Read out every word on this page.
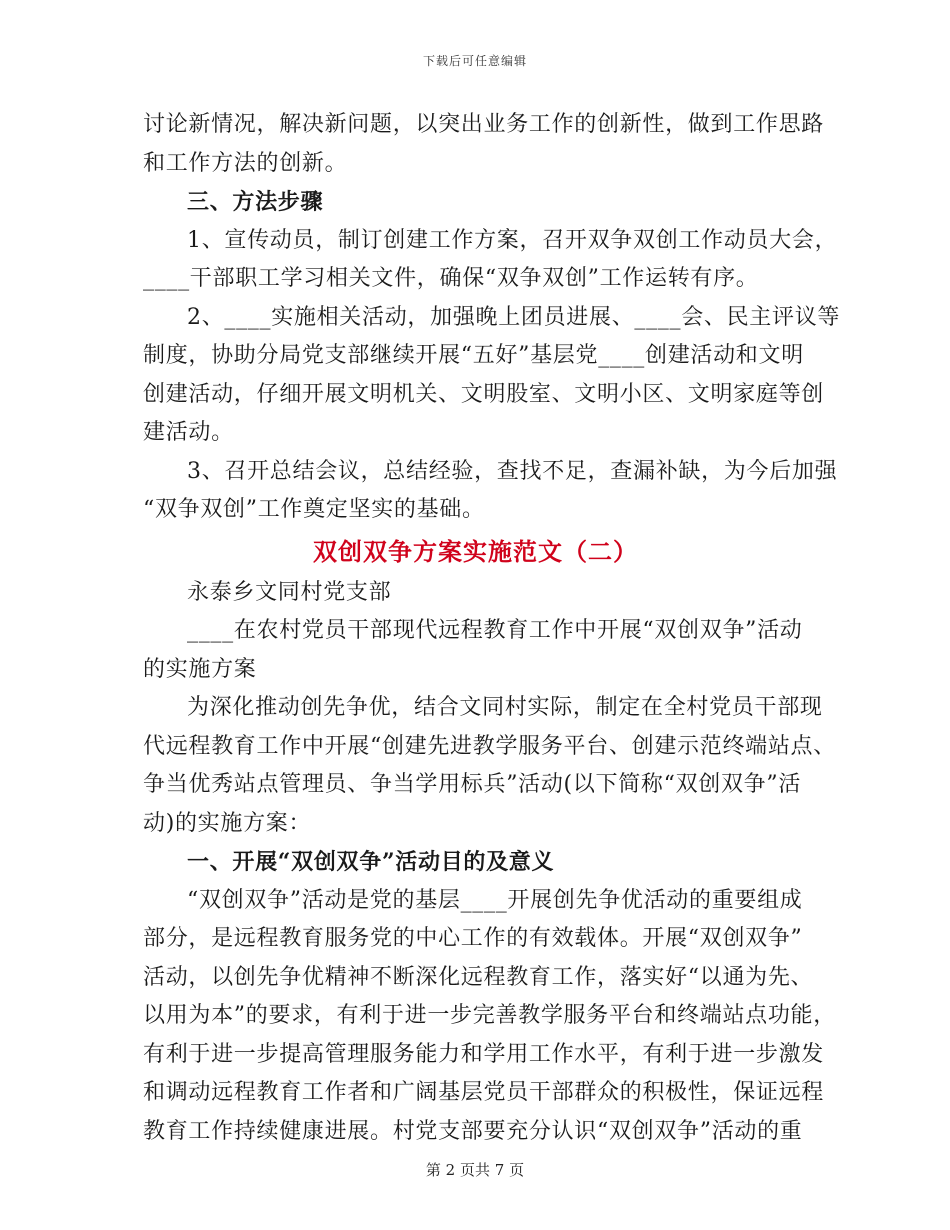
下载后可任意编辑
讨论新情况，解决新问题，以突出业务工作的创新性，做到工作思路
和工作方法的创新。
三、方法步骤
1、宣传动员，制订创建工作方案，召开双争双创工作动员大会，
____干部职工学习相关文件，确保“双争双创”工作运转有序。
2、____实施相关活动，加强晚上团员进展、____会、民主评议等
制度，协助分局党支部继续开展“五好”基层党____创建活动和文明
创建活动，仔细开展文明机关、文明股室、文明小区、文明家庭等创
建活动。
3、召开总结会议，总结经验，查找不足，查漏补缺，为今后加强
“双争双创”工作奠定坚实的基础。
双创双争方案实施范文（二）
永泰乡文同村党支部
____在农村党员干部现代远程教育工作中开展“双创双争”活动
的实施方案
为深化推动创先争优，结合文同村实际，制定在全村党员干部现
代远程教育工作中开展“创建先进教学服务平台、创建示范终端站点、
争当优秀站点管理员、争当学用标兵”活动(以下简称“双创双争”活
动)的实施方案：
一、开展“双创双争”活动目的及意义
“双创双争”活动是党的基层____开展创先争优活动的重要组成
部分，是远程教育服务党的中心工作的有效载体。开展“双创双争”
活动，以创先争优精神不断深化远程教育工作，落实好“以通为先、
以用为本”的要求，有利于进一步完善教学服务平台和终端站点功能，
有利于进一步提高管理服务能力和学用工作水平，有利于进一步激发
和调动远程教育工作者和广阔基层党员干部群众的积极性，保证远程
教育工作持续健康进展。村党支部要充分认识“双创双争”活动的重
第 2 页共 7 页
